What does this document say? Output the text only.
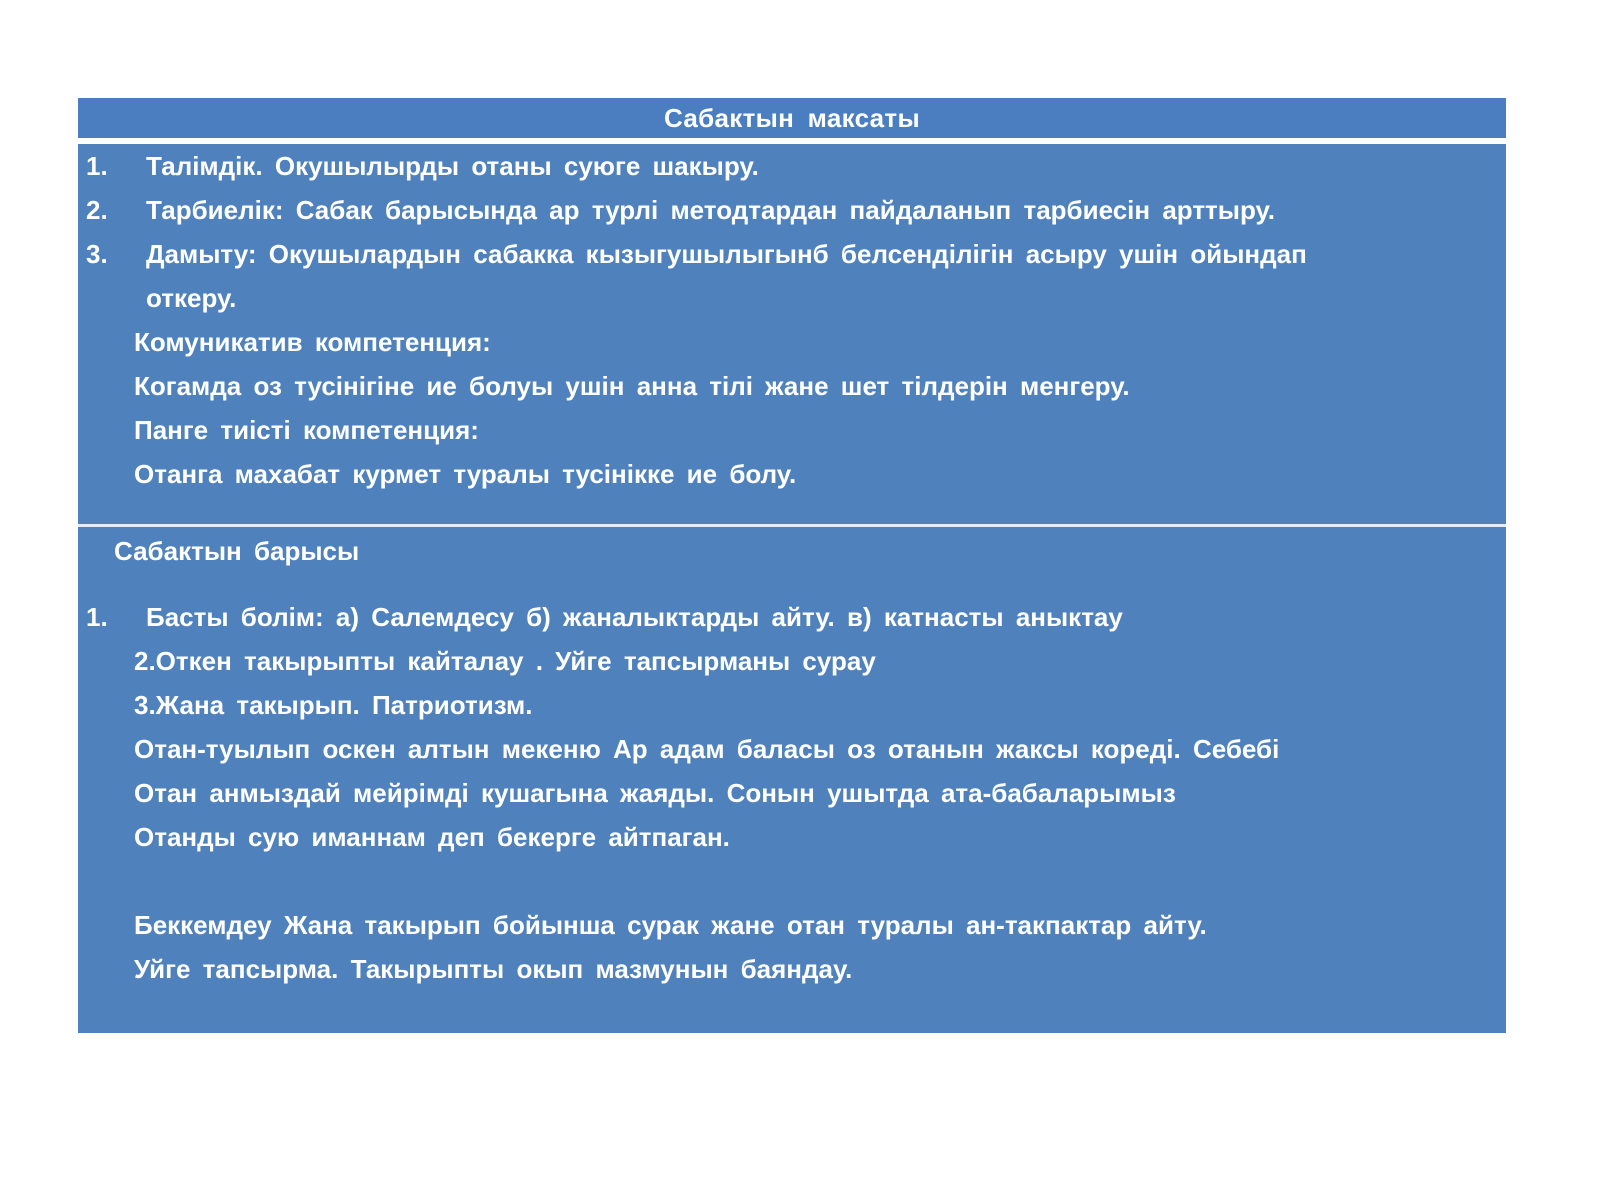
Сабактын максаты
1. Талімдік. Окушылырды отаны суюге шакыру.
2. Тарбиелік: Сабак барысында ар турлі методтардан пайдаланып тарбиесін арттыру.
3. Дамыту: Окушылардын сабакка кызыгушылыгынб белсенділігін асыру ушін ойындап
откеру.
Комуникатив компетенция:
Когамда оз тусінігіне ие болуы ушін анна тілі жане шет тілдерін менгеру.
Панге тиісті компетенция:
Отанга махабат курмет туралы тусінікке ие болу.
Сабактын барысы
1. Басты болім: а) Салемдесу б) жаналыктарды айту. в) катнасты аныктау
2.Откен такырыпты кайталау . Уйге тапсырманы сурау
3.Жана такырып. Патриотизм.
Отан-туылып оскен алтын мекеню Ар адам баласы оз отанын жаксы кореді. Себебі
Отан анмыздай мейрімді кушагына жаяды. Сонын ушытда ата-бабаларымыз
Отанды сую иманнам деп бекерге айтпаган.
Беккемдеу Жана такырып бойынша сурак жане отан туралы ан-такпактар айту.
Уйге тапсырма. Такырыпты окып мазмунын баяндау.
